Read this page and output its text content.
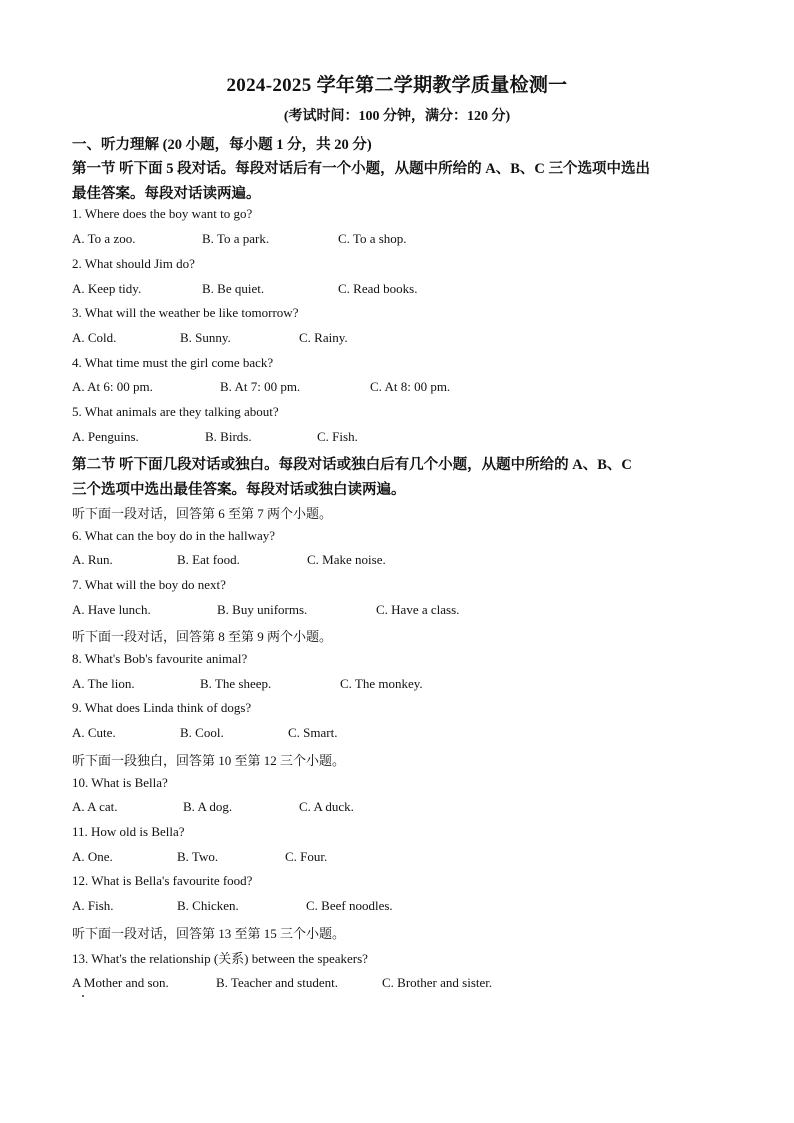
2024-2025 学年第二学期教学质量检测一
(考试时间：100 分钟，满分：120 分)
一、听力理解 (20 小题，每小题 1 分，共 20 分)
第一节 听下面 5 段对话。每段对话后有一个小题，从题中所给的 A、B、C 三个选项中选出
最佳答案。每段对话读两遍。
1. Where does the boy want to go?
A. To a zoo.	B. To a park.	C. To a shop.
2. What should Jim do?
A. Keep tidy.	B. Be quiet.	C. Read books.
3. What will the weather be like tomorrow?
A. Cold.	B. Sunny.	C. Rainy.
4. What time must the girl come back?
A. At 6: 00 pm.	B. At 7: 00 pm.	C. At 8: 00 pm.
5. What animals are they talking about?
A. Penguins.	B. Birds.	C. Fish.
第二节 听下面几段对话或独白。每段对话或独白后有几个小题，从题中所给的 A、B、C
三个选项中选出最佳答案。每段对话或独白读两遍。
听下面一段对话，回答第 6 至第 7 两个小题。
6. What can the boy do in the hallway?
A. Run.	B. Eat food.	C. Make noise.
7. What will the boy do next?
A. Have lunch.	B. Buy uniforms.	C. Have a class.
听下面一段对话，回答第 8 至第 9 两个小题。
8. What's Bob's favourite animal?
A. The lion.	B. The sheep.	C. The monkey.
9. What does Linda think of dogs?
A. Cute.	B. Cool.	C. Smart.
听下面一段独白，回答第 10 至第 12 三个小题。
10. What is Bella?
A. A cat.	B. A dog.	C. A duck.
11. How old is Bella?
A. One.	B. Two.	C. Four.
12. What is Bella's favourite food?
A. Fish.	B. Chicken.	C. Beef noodles.
听下面一段对话，回答第 13 至第 15 三个小题。
13. What's the relationship (关系) between the speakers?
A Mother and son.	B. Teacher and student.	C. Brother and sister.
